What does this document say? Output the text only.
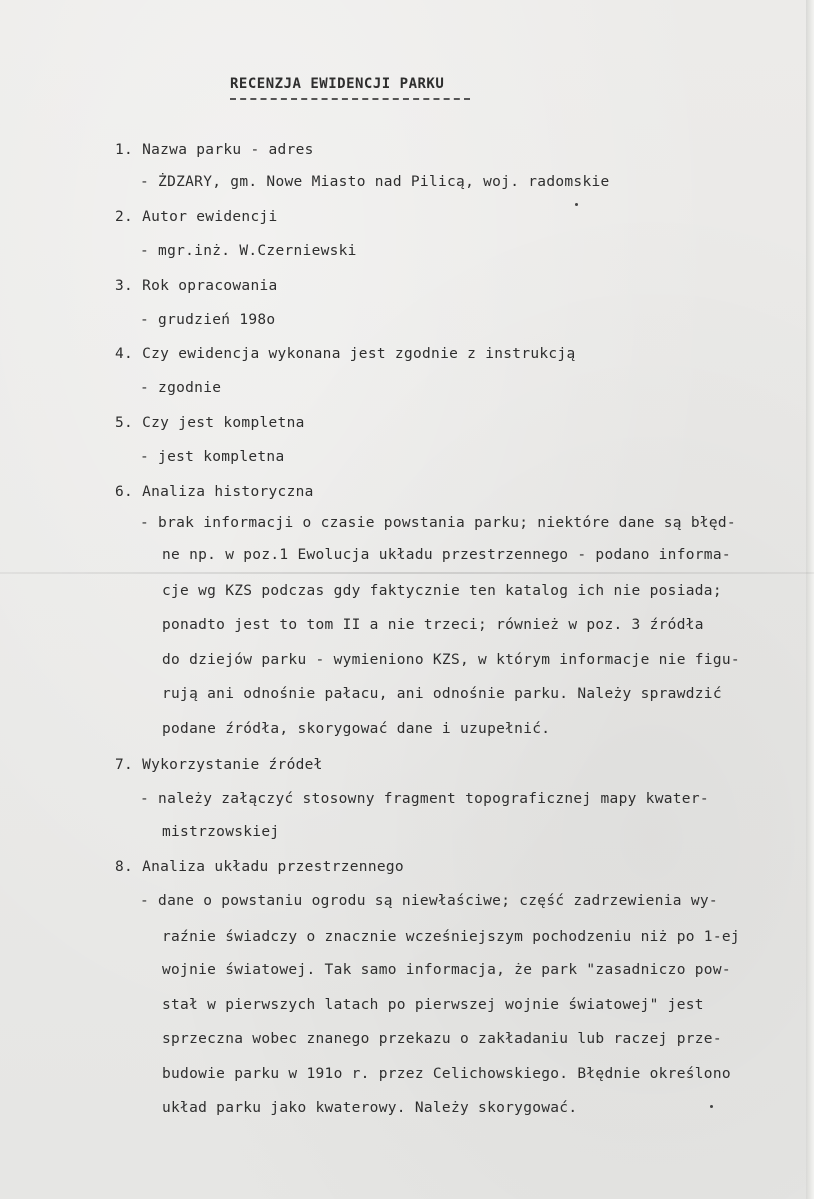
RECENZJA EWIDENCJI PARKU
1. Nazwa parku - adres
- ŻDZARY, gm. Nowe Miasto nad Pilicą, woj. radomskie
2. Autor ewidencji
- mgr.inż. W.Czerniewski
3. Rok opracowania
- grudzień 198o
4. Czy ewidencja wykonana jest zgodnie z instrukcją
- zgodnie
5. Czy jest kompletna
- jest kompletna
6. Analiza historyczna
- brak informacji o czasie powstania parku; niektóre dane są błęd-
ne np. w poz.1 Ewolucja układu przestrzennego - podano informa-
cje wg KZS podczas gdy faktycznie ten katalog ich nie posiada;
ponadto jest to tom II a nie trzeci; również w poz. 3 źródła
do dziejów parku - wymieniono KZS, w którym informacje nie figu-
rują ani odnośnie pałacu, ani odnośnie parku. Należy sprawdzić
podane źródła, skorygować dane i uzupełnić.
7. Wykorzystanie źródeł
- należy załączyć stosowny fragment topograficznej mapy kwater-
mistrzowskiej
8. Analiza układu przestrzennego
- dane o powstaniu ogrodu są niewłaściwe; część zadrzewienia wy-
raźnie świadczy o znacznie wcześniejszym pochodzeniu niż po 1-ej
wojnie światowej. Tak samo informacja, że park "zasadniczo pow-
stał w pierwszych latach po pierwszej wojnie światowej" jest
sprzeczna wobec znanego przekazu o zakładaniu lub raczej prze-
budowie parku w 191o r. przez Celichowskiego. Błędnie określono
układ parku jako kwaterowy. Należy skorygować.
